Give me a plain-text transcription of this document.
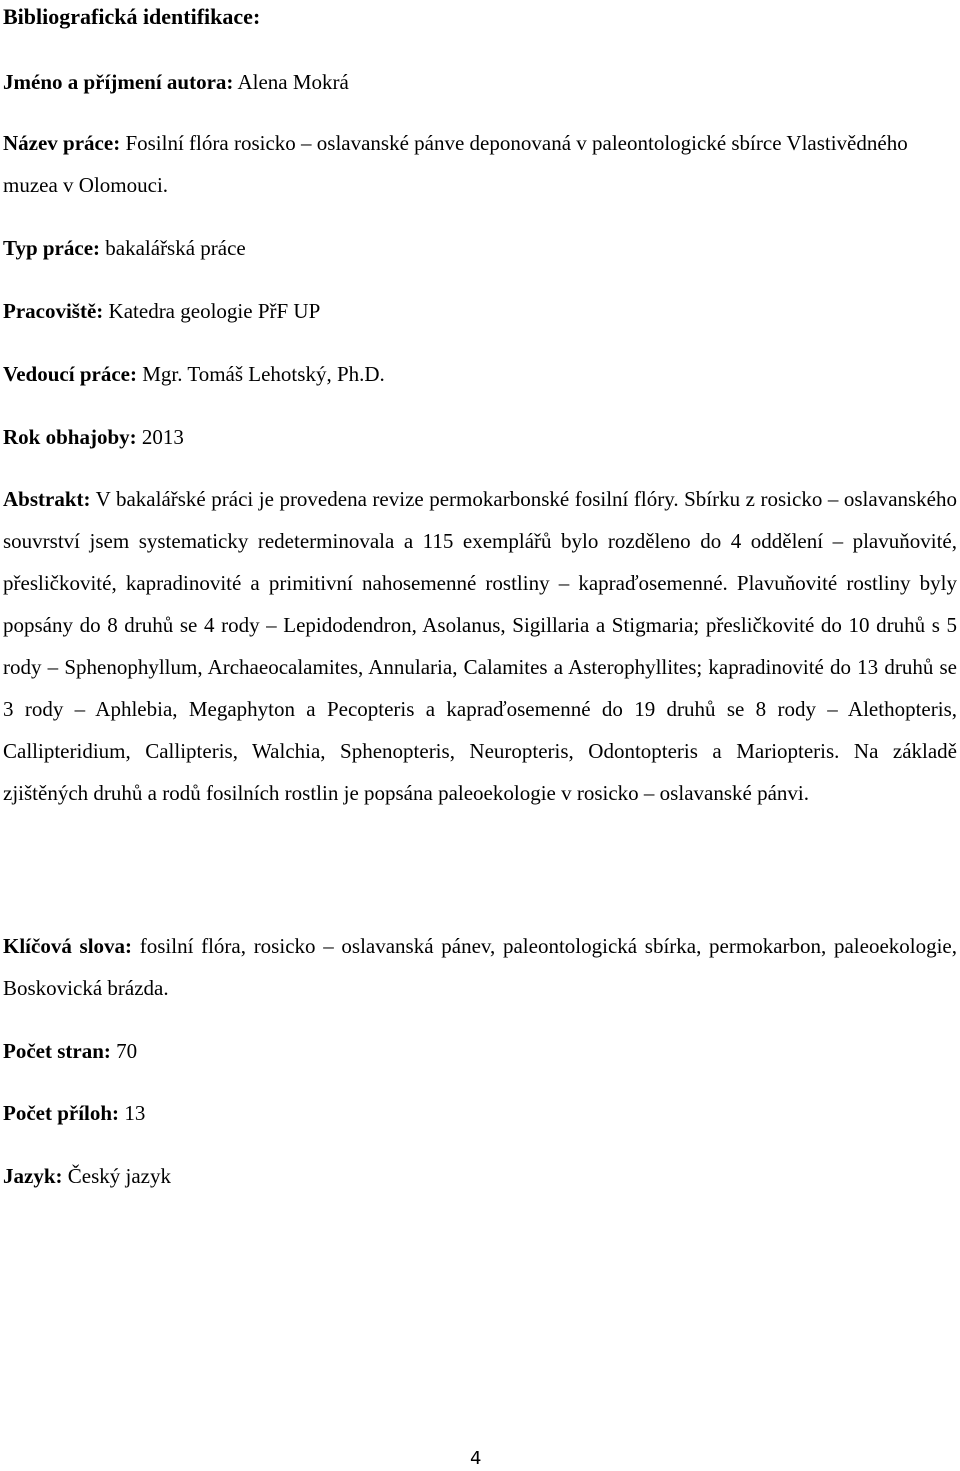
Bibliografická identifikace:

Jméno a příjmení autora: Alena Mokrá

Název práce: Fosilní flóra rosicko – oslavanské pánve deponovaná v paleontologické sbírce Vlastivědného muzea v Olomouci.

Typ práce: bakalářská práce

Pracoviště: Katedra geologie PřF UP

Vedoucí práce: Mgr. Tomáš Lehotský, Ph.D.

Rok obhajoby: 2013

Abstrakt: V bakalářské práci je provedena revize permokarbonské fosilní flóry. Sbírku z rosicko – oslavanského souvrství jsem systematicky redeterminovala a 115 exemplářů bylo rozděleno do 4 oddělení – plavuňovité, přesličkovité, kapradinovité a primitivní nahosemenné rostliny – kapraďosemenné. Plavuňovité rostliny byly popsány do 8 druhů se 4 rody – Lepidodendron, Asolanus, Sigillaria a Stigmaria; přesličkovité do 10 druhů s 5 rody – Sphenophyllum, Archaeocalamites, Annularia, Calamites a Asterophyllites; kapradinovité do 13 druhů se 3 rody – Aphlebia, Megaphyton a Pecopteris a kapraďosemenné do 19 druhů se 8 rody – Alethopteris, Callipteridium, Callipteris, Walchia, Sphenopteris, Neuropteris, Odontopteris a Mariopteris. Na základě zjištěných druhů a rodů fosilních rostlin je popsána paleoekologie v rosicko – oslavanské pánvi.

Klíčová slova: fosilní flóra, rosicko – oslavanská pánev, paleontologická sbírka, permokarbon, paleoekologie, Boskovická brázda.

Počet stran: 70

Počet příloh: 13

Jazyk: Český jazyk

4
